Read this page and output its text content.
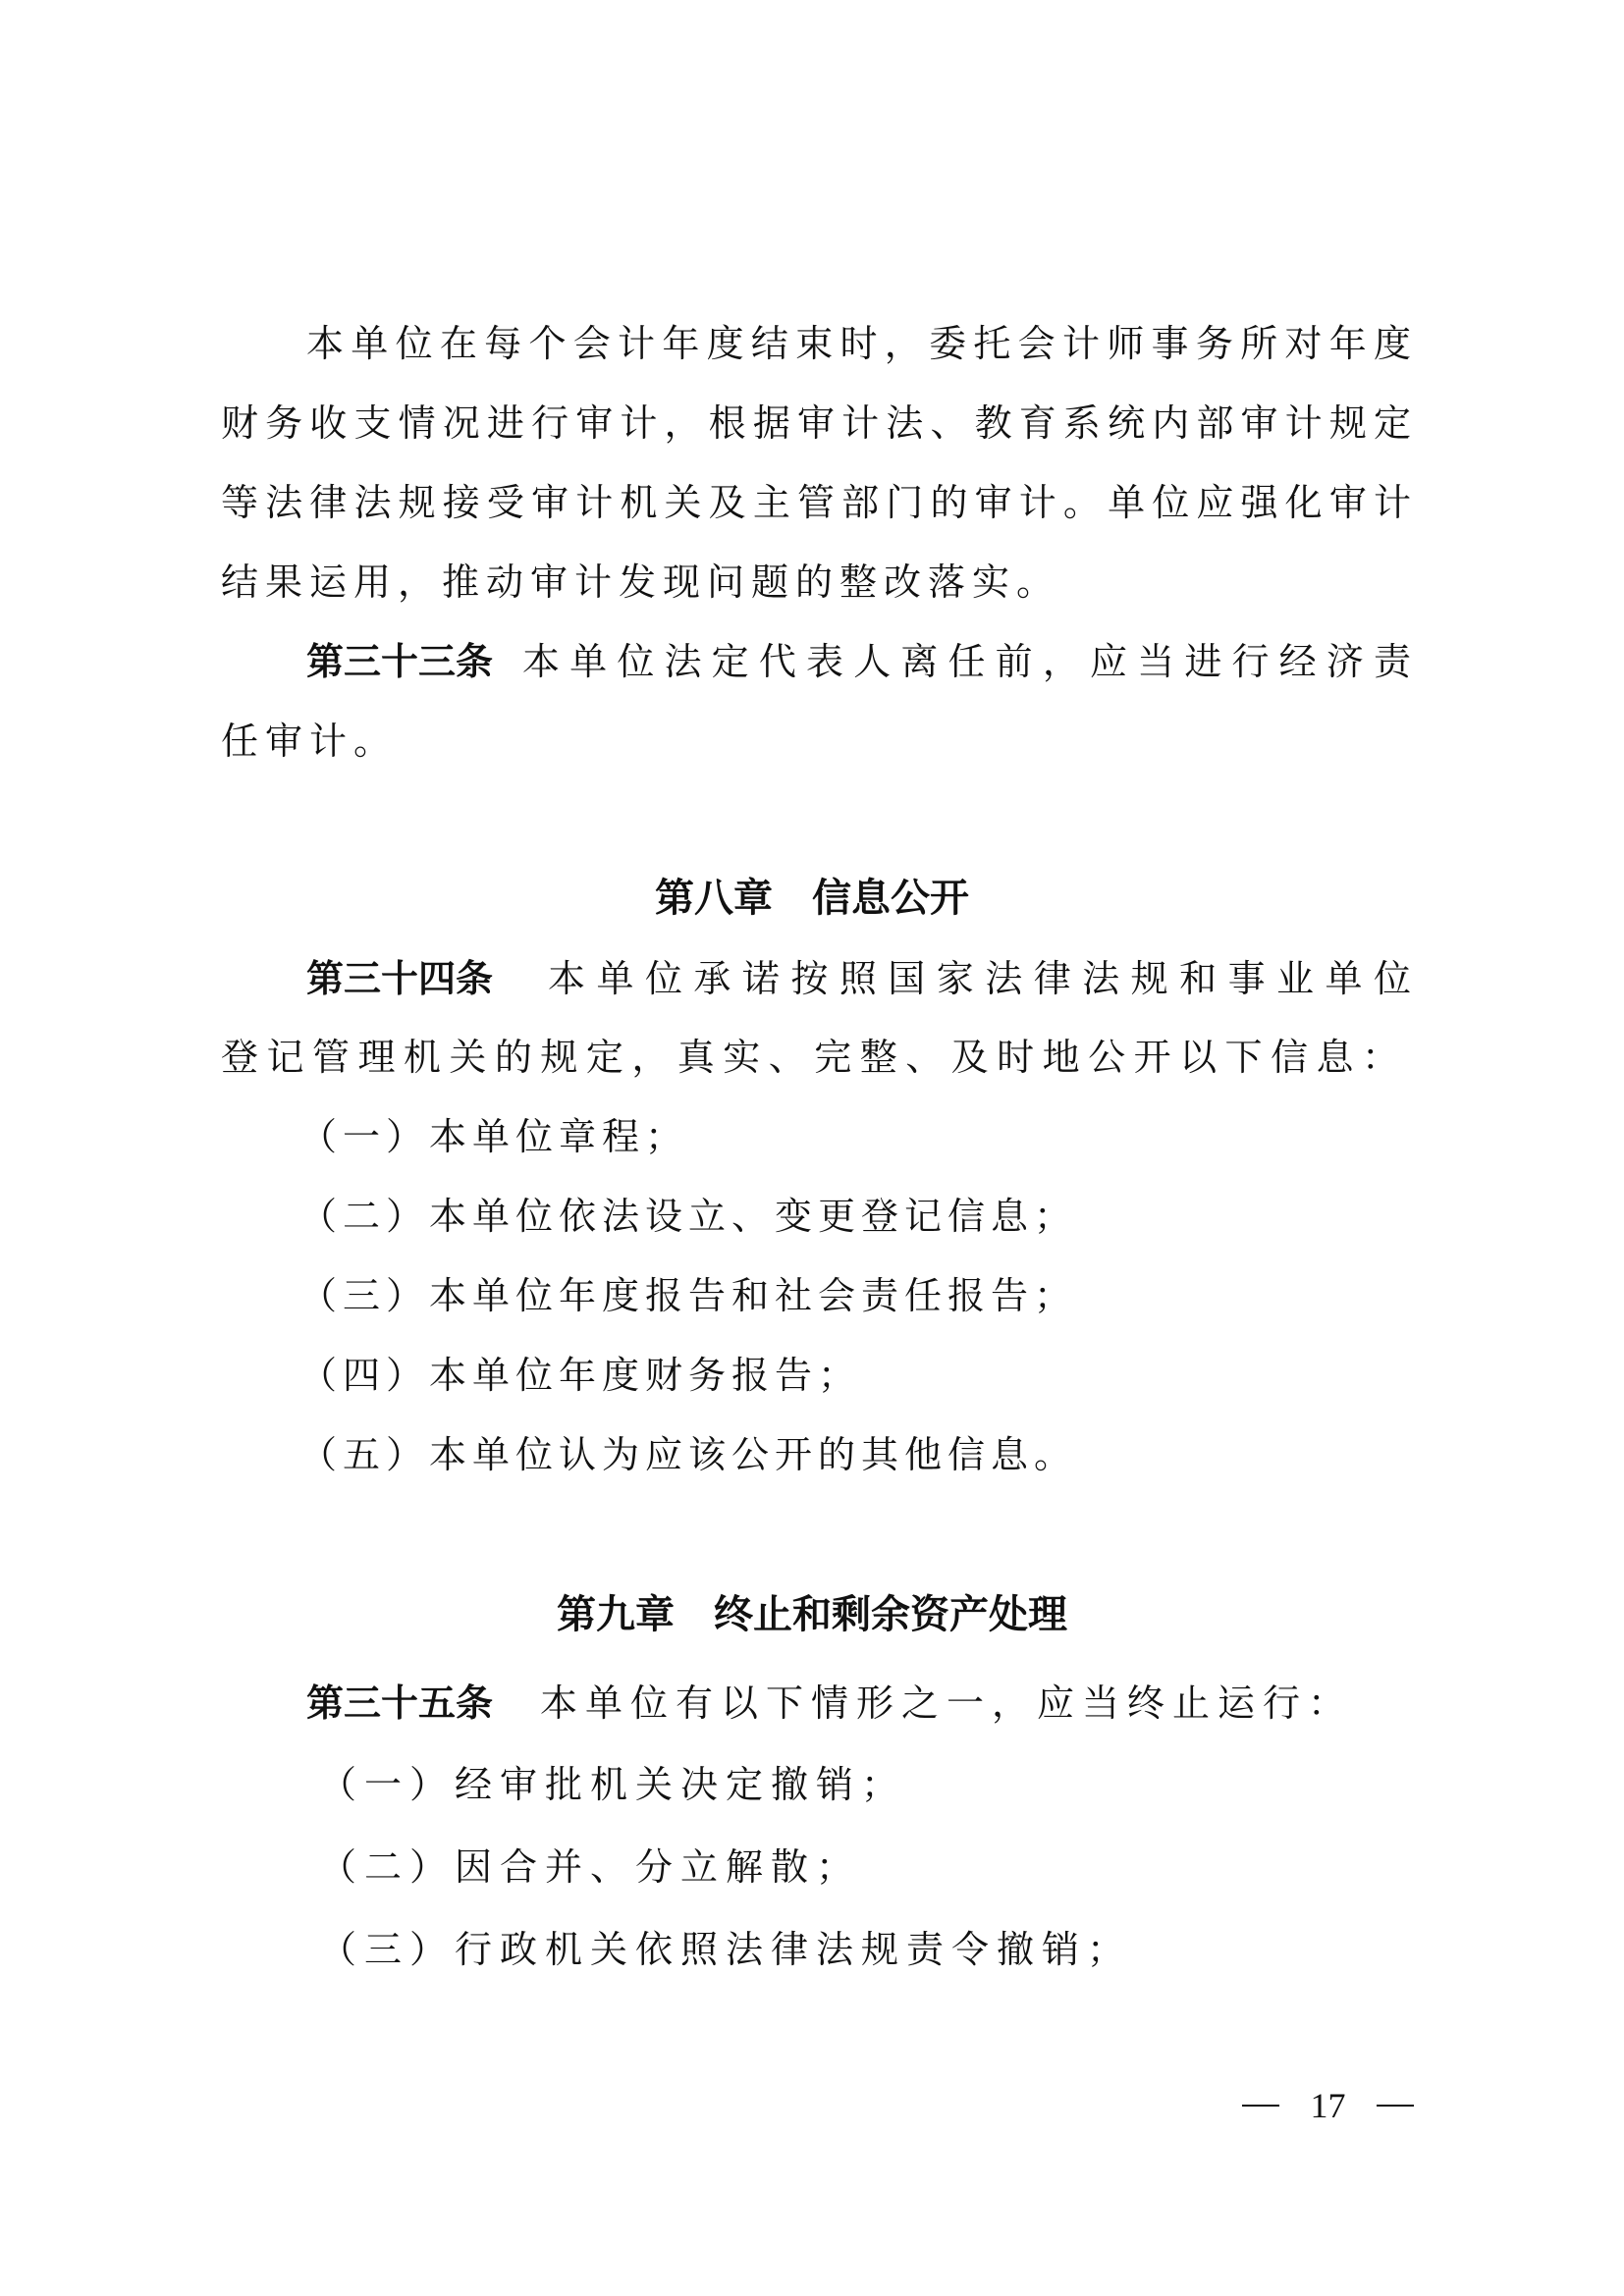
本单位在每个会计年度结束时，委托会计师事务所对年度
财务收支情况进行审计，根据审计法、教育系统内部审计规定
等法律法规接受审计机关及主管部门的审计。单位应强化审计
结果运用，推动审计发现问题的整改落实。
第三十三条 本单位法定代表人离任前，应当进行经济责
任审计。
第八章 信息公开
第三十四条 本单位承诺按照国家法律法规和事业单位
登记管理机关的规定，真实、完整、及时地公开以下信息：
（一）本单位章程；
（二）本单位依法设立、变更登记信息；
（三）本单位年度报告和社会责任报告；
（四）本单位年度财务报告；
（五）本单位认为应该公开的其他信息。
第九章 终止和剩余资产处理
第三十五条 本单位有以下情形之一，应当终止运行：
（一）经审批机关决定撤销；
（二）因合并、分立解散；
（三）行政机关依照法律法规责令撤销；
17
